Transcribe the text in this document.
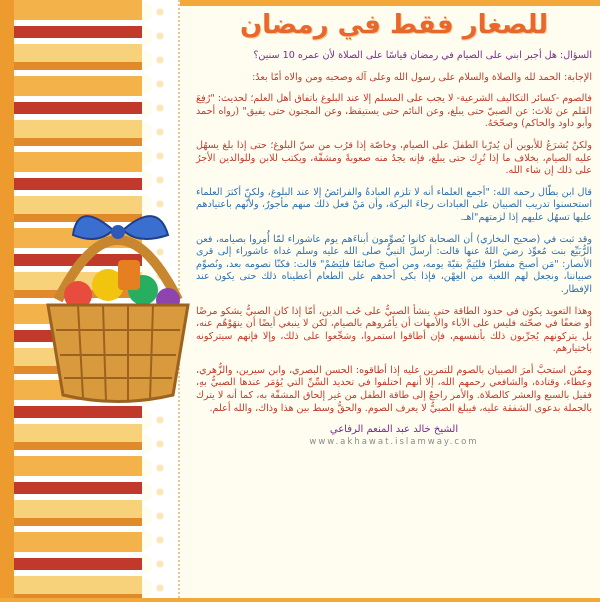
للصغار فقط في رمضان

السؤال: هل أجبر ابني على الصيام في رمضان قياسًا على الصلاة لأن عمره 10 سنين؟

الإجابة: الحمد لله والصلاة والسلام على رسول الله وعلى آله وصحبه ومن والاه أمّا بعدُ:

فالصوم -كسائر التكاليف الشرعية- لا يجب على المسلم إلا عند البلوغ باتفاق أهل العلم؛ لحديث: "رُفِعَ القلم عن ثلاث: عن الصبيّ حتى يبلغ، وعن النائم حتى يستيقظ، وعن المجنون حتى يفيق" (رواه أحمد وأبو داود والحاكم) وصحّحَهُ.

ولكنْ يُشرَعُ للأبوين أن يُدرّبا الطفلَ على الصيام، وخاصّة إذا قرُب من سنّ البلوغ؛ حتى إذا بلغ يسهُل عليه الصيام، بخلاف ما إذا تُرِك حتى يبلغ، فإنه يجدُ منه صعوبةً ومشقّة، ويكتب للابن وللوالدين الأجرُ على ذلك إن شاء الله.

قال ابن بطّال رحمه الله: "أجمع العلماء أنه لا تلزم العبادةُ والفرائضُ إلا عند البلوغ، ولكنّ أكثرَ العلماء استحسنوا تدريب الصبيان على العبادات رجاءَ البركة، وأن مَنْ فعل ذلك منهم مأجورٌ، ولأنّهم باعتيادهم عليها تسهُل عليهم إذا لزمتهم"اهـ.

وقد ثبت في (صحيح البخاري) أن الصحابة كانوا يُصوِّمون أبناءَهم يوم عاشوراء لمّا أُمِروا بصيامه، فعن الرُّبَيِّع بنت مُعوِّذ رضيَ اللهُ عنها قالت: أرسلَ النبيُّ صلى الله عليه وسلم غداة عاشوراء إلى قرى الأنصار: "مَن أصبحَ مفطرًا فليُتِمَّ بقيّةَ يومه، ومن أصبحَ صائمًا فليَصُمْ" قالت: فكنّا نصومه بعد، ونُصوِّم صبياننا، ونجعل لهم اللعبة من العِهْن، فإذا بكى أحدهم على الطعام أعطيناه ذلك حتى يكون عند الإفطار.

وهذا التعويد يكون في حدود الطاقة حتى ينشأ الصبيُّ على حُب الدين، أمّا إذا كان الصبيُّ يشكو مرضًا أو ضعفًا في صحّته فليس على الآباء والأمهات أن يأمُروهم بالصيام، لكن لا ينبغي أيضًا أن ينهَوْهُم عنه، بل يتركونهم يُجرِّبون ذلك بأنفسهم، فإن أطاقوا استمروا، وشجِّعوا على ذلك، وإلا فإنهم سيتركونه باختيارهم.

وممّن استحبَّ أمرَ الصبيان بالصوم للتمرين عليه إذا أطاقوه: الحسن البصري، وابن سيرين، والزُّهري، وعطاء، وقتادة، والشافعي رحمهم الله، إلا أنهم اختلفوا في تحديد السِّنِّ التي يُؤمَر عندها الصبيُّ بهِ، فقيل بالسبع والعشر كالصلاة. والأمر راجعٌ إلى طاقة الطفل من غير إلحاق المشقّة به، كما أنه لا يترك بالجملة بدعوى الشفقة عليه، فيبلغ الصبيُّ لا يعرف الصوم. والحقُّ وسط بين هذا وذاك، والله أعلم.

الشيخ خالد عبد المنعم الرفاعي
www.akhawat.islamway.com
